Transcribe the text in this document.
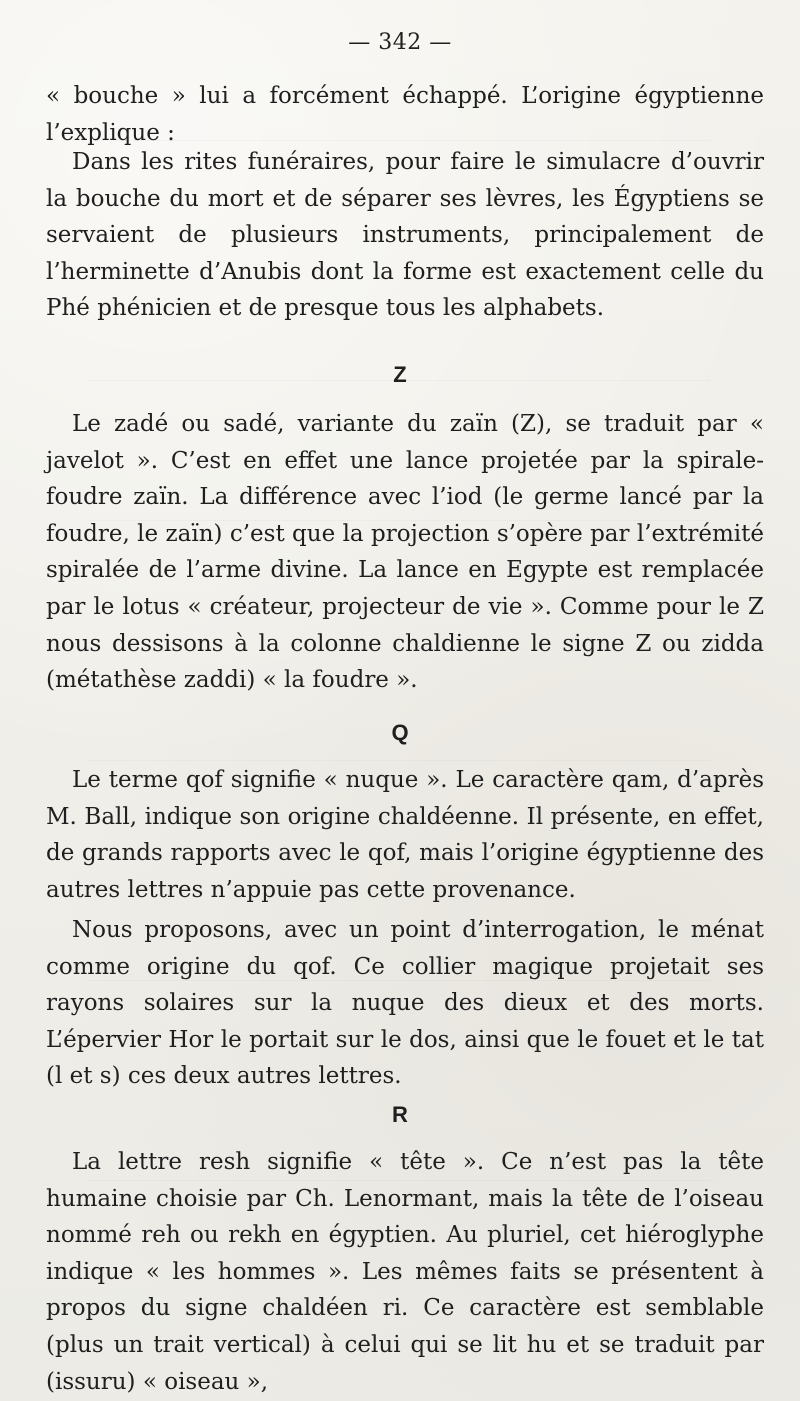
— 342 —
« bouche » lui a forcément échappé. L’origine égyptienne l’explique :
Dans les rites funéraires, pour faire le simulacre d’ouvrir la bouche du mort et de séparer ses lèvres, les Égyptiens se servaient de plusieurs instruments, principalement de l’herminette d’Anubis dont la forme est exactement celle du Phé phénicien et de presque tous les alphabets.
Z
Le zadé ou sadé, variante du zaïn (Z), se traduit par « javelot ». C’est en effet une lance projetée par la spirale-foudre zaïn. La différence avec l’iod (le germe lancé par la foudre, le zaïn) c’est que la projection s’opère par l’extrémité spiralée de l’arme divine. La lance en Egypte est remplacée par le lotus « créateur, projecteur de vie ». Comme pour le Z nous dessisons à la colonne chaldienne le signe Z ou zidda (métathèse zaddi) « la foudre ».
Q
Le terme qof signifie « nuque ». Le caractère qam, d’après M. Ball, indique son origine chaldéenne. Il présente, en effet, de grands rapports avec le qof, mais l’origine égyptienne des autres lettres n’appuie pas cette provenance.
Nous proposons, avec un point d’interrogation, le ménat comme origine du qof. Ce collier magique projetait ses rayons solaires sur la nuque des dieux et des morts. L’épervier Hor le portait sur le dos, ainsi que le fouet et le tat (l et s) ces deux autres lettres.
R
La lettre resh signifie « tête ». Ce n’est pas la tête humaine choisie par Ch. Lenormant, mais la tête de l’oiseau nommé reh ou rekh en égyptien. Au pluriel, cet hiéroglyphe indique « les hommes ». Les mêmes faits se présentent à propos du signe chaldéen ri. Ce caractère est semblable (plus un trait vertical) à celui qui se lit hu et se traduit par (issuru) « oiseau »,
